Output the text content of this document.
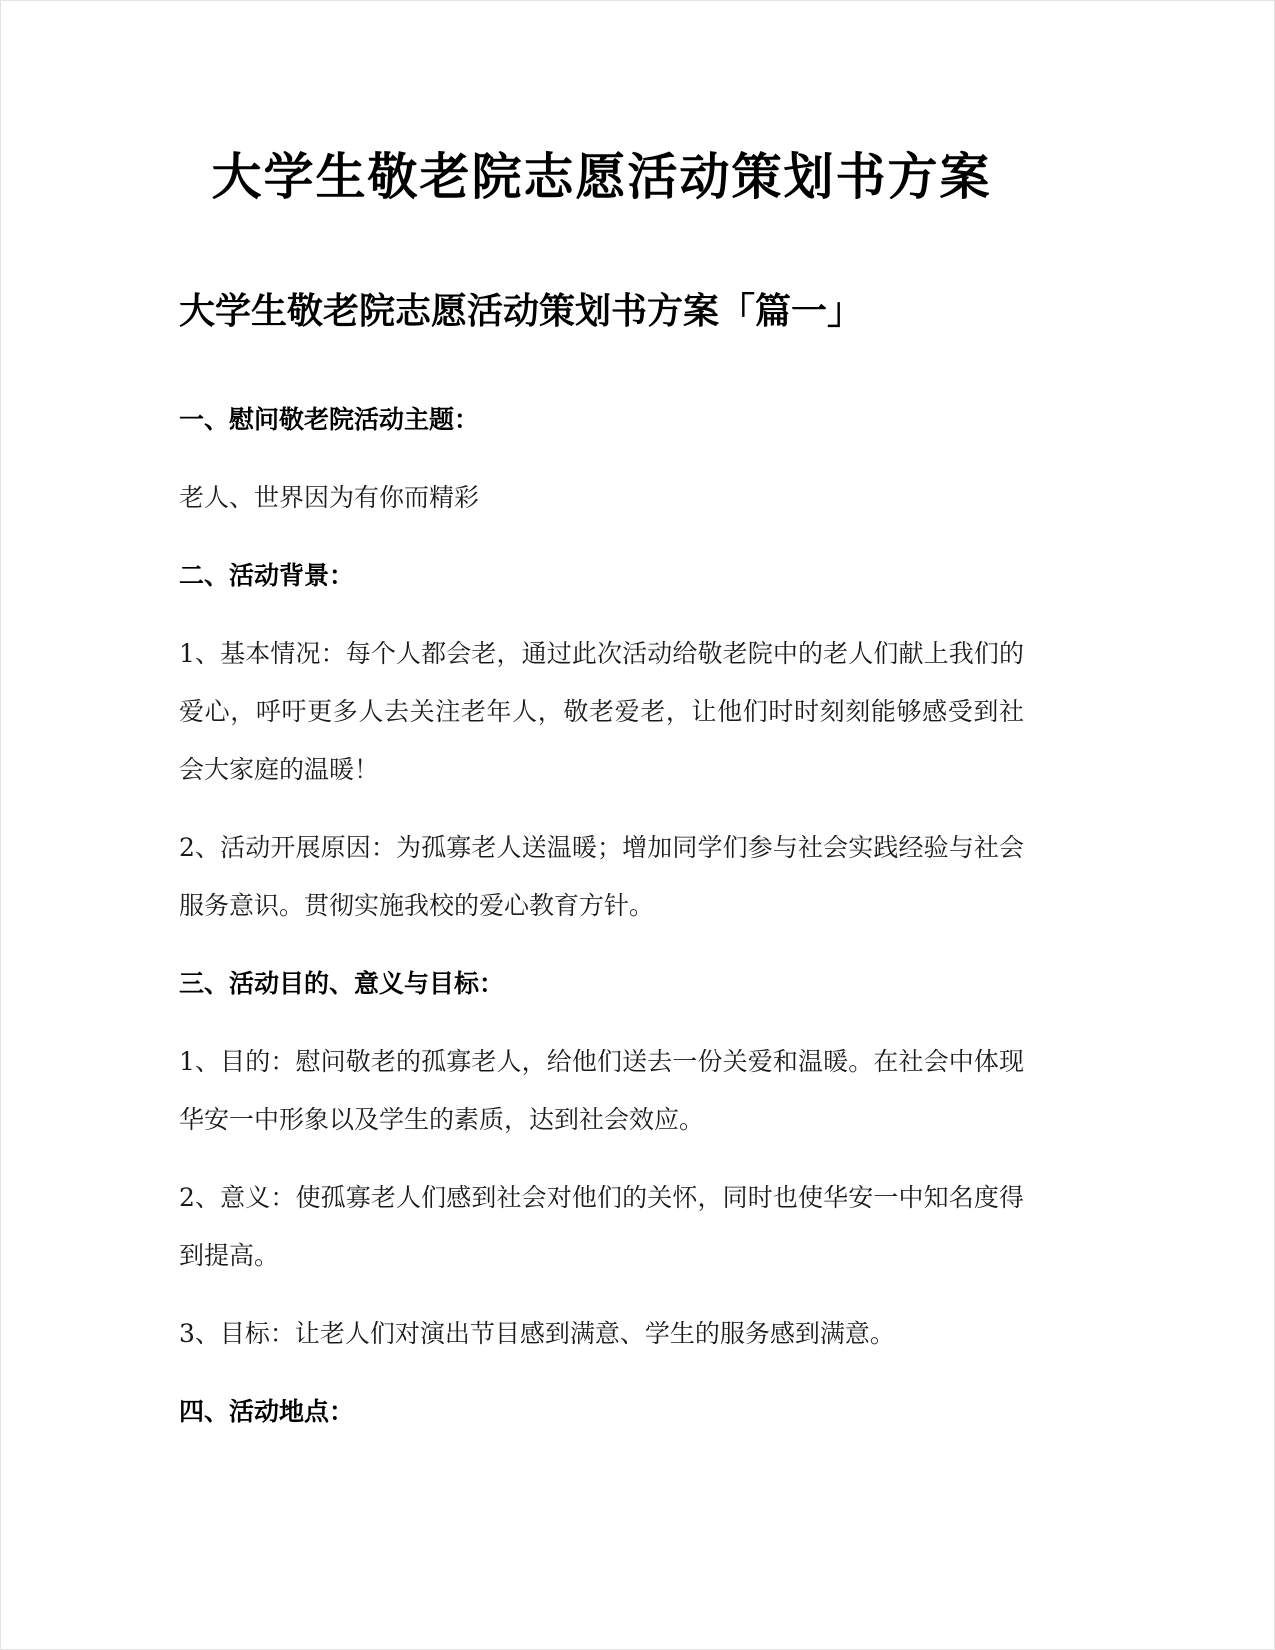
大学生敬老院志愿活动策划书方案
大学生敬老院志愿活动策划书方案「篇一」
一、慰问敬老院活动主题：

老人、世界因为有你而精彩

二、活动背景：

1、基本情况：每个人都会老，通过此次活动给敬老院中的老人们献上我们的爱心，呼吁更多人去关注老年人，敬老爱老，让他们时时刻刻能够感受到社会大家庭的温暖！

2、活动开展原因：为孤寡老人送温暖；增加同学们参与社会实践经验与社会服务意识。贯彻实施我校的爱心教育方针。

三、活动目的、意义与目标：

1、目的：慰问敬老的孤寡老人，给他们送去一份关爱和温暖。在社会中体现华安一中形象以及学生的素质，达到社会效应。

2、意义：使孤寡老人们感到社会对他们的关怀，同时也使华安一中知名度得到提高。

3、目标：让老人们对演出节目感到满意、学生的服务感到满意。

四、活动地点：
